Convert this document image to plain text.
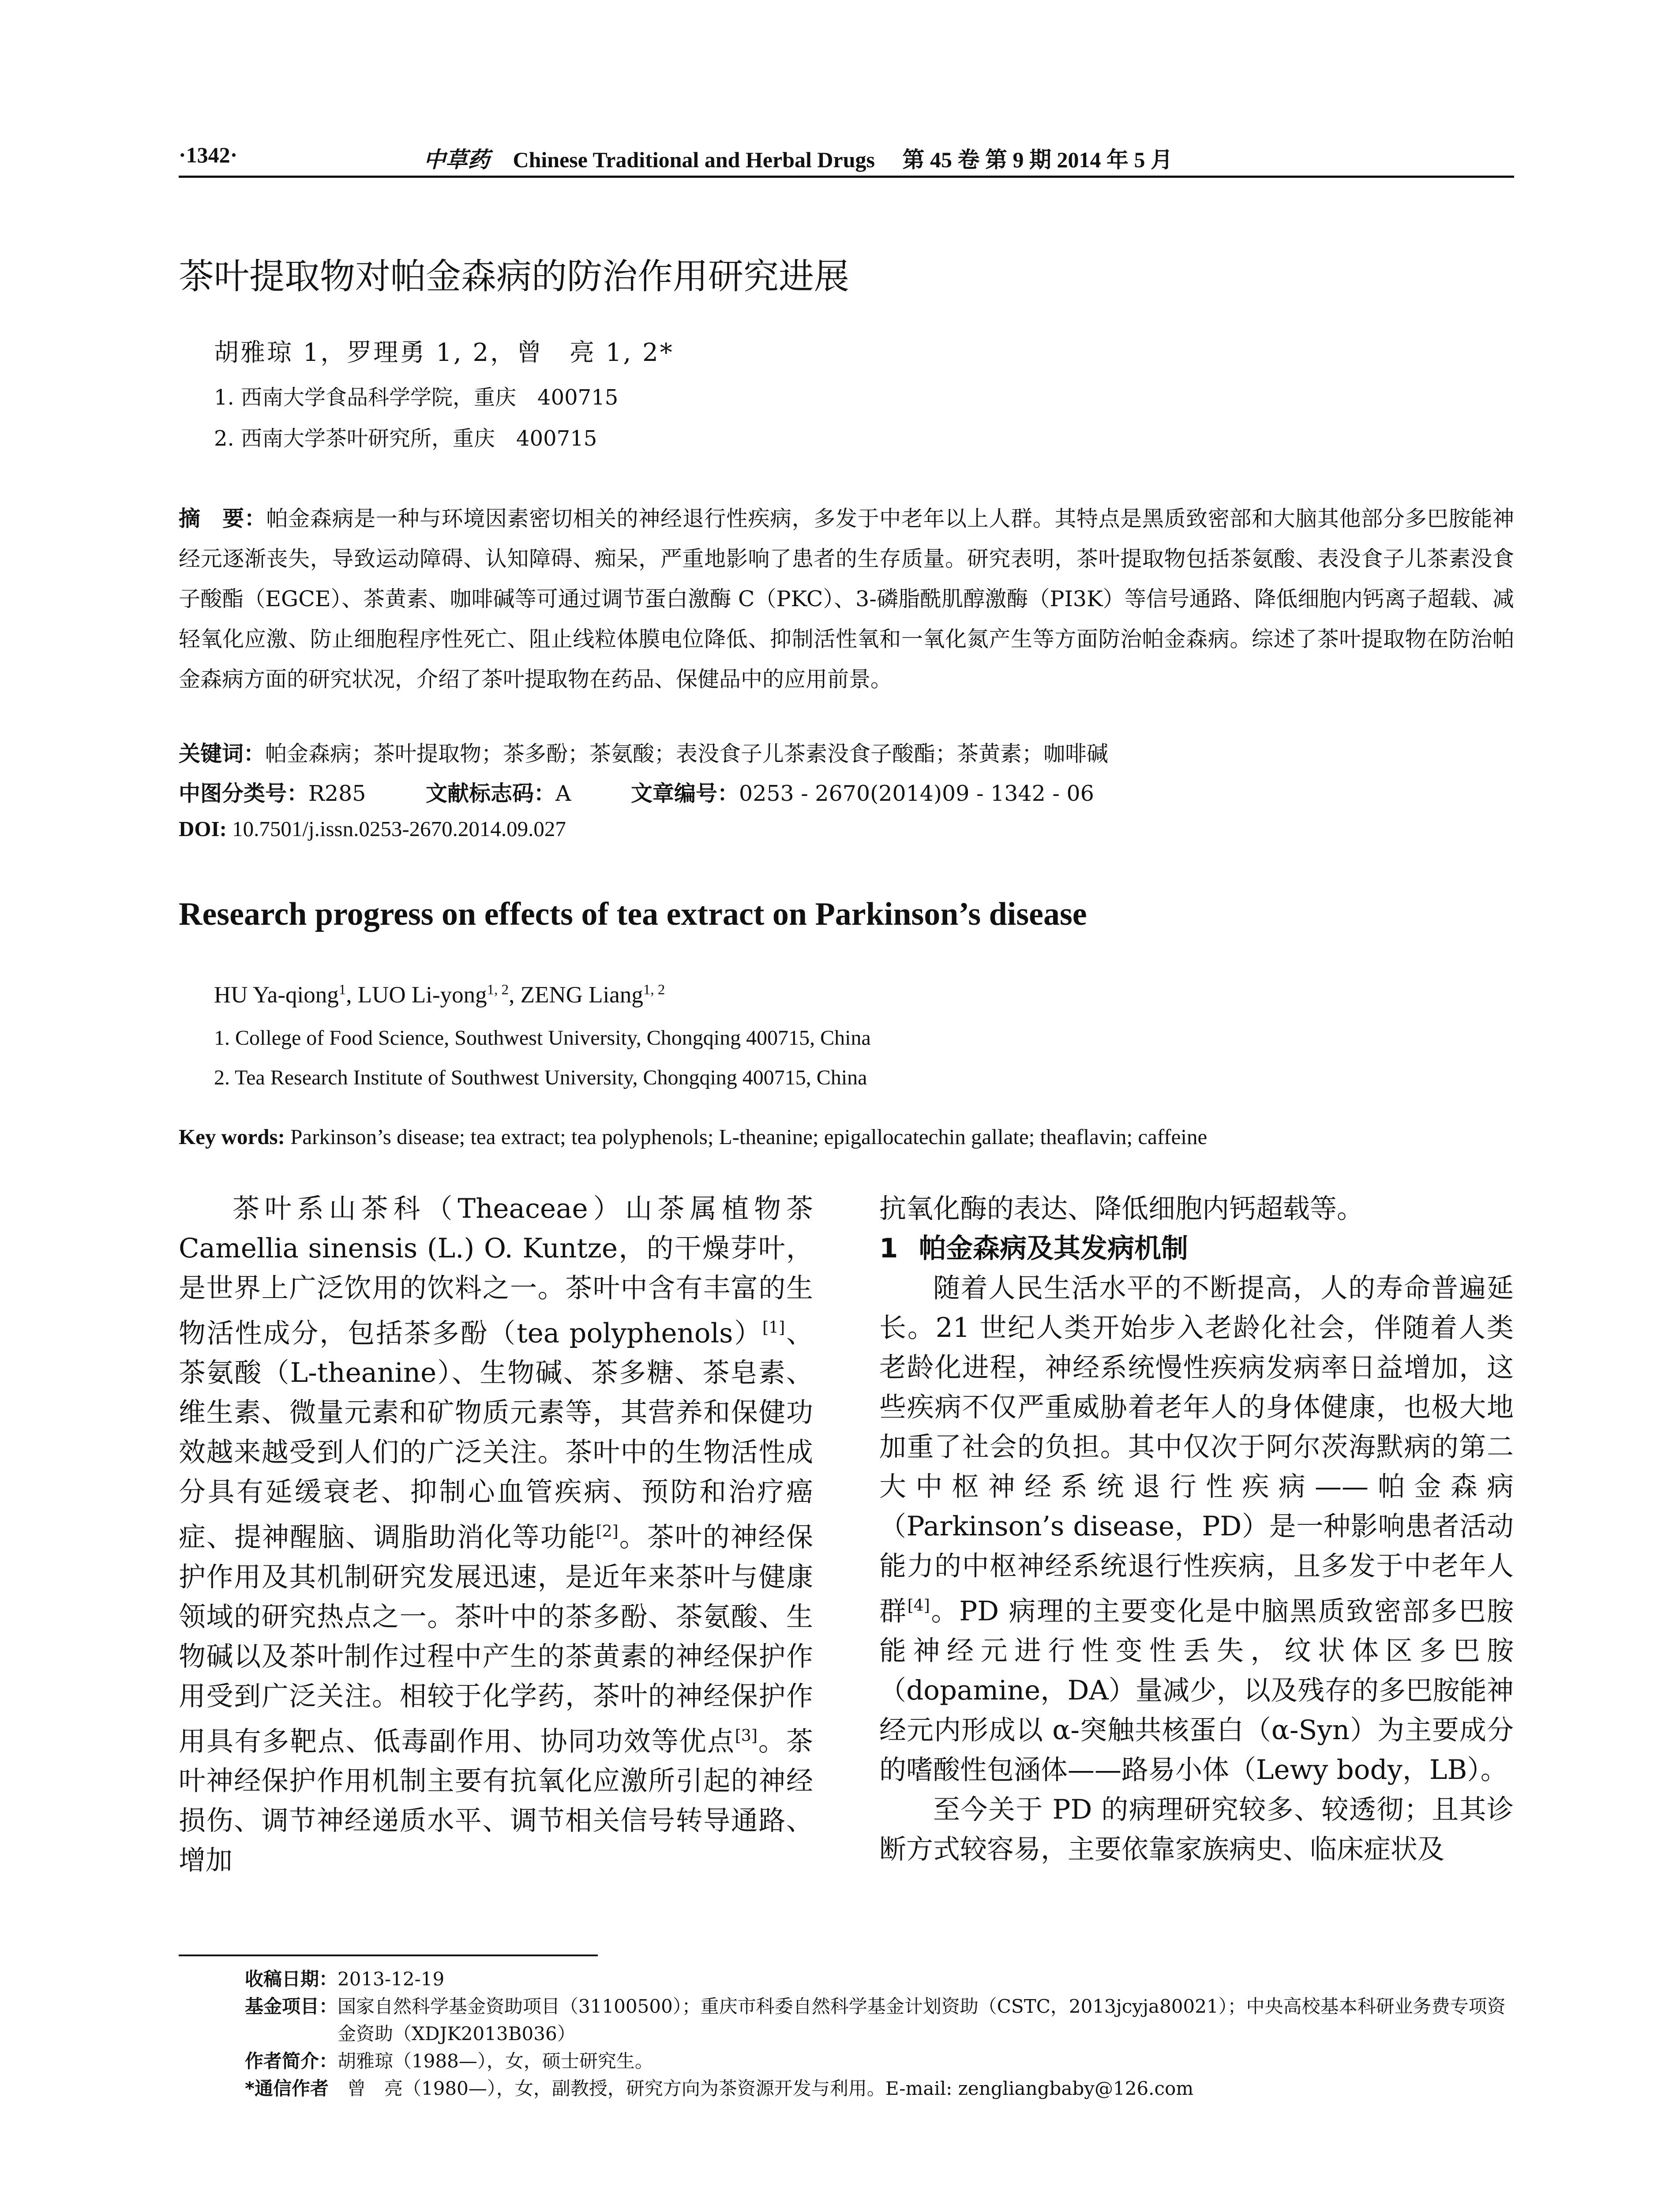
·1342·	中草药 Chinese Traditional and Herbal Drugs 第 45 卷 第 9 期 2014 年 5 月
茶叶提取物对帕金森病的防治作用研究进展
胡雅琼 1，罗理勇 1, 2，曾　亮 1, 2*
1. 西南大学食品科学学院，重庆　400715
2. 西南大学茶叶研究所，重庆　400715
摘　要：帕金森病是一种与环境因素密切相关的神经退行性疾病，多发于中老年以上人群。其特点是黑质致密部和大脑其他部分多巴胺能神经元逐渐丧失，导致运动障碍、认知障碍、痴呆，严重地影响了患者的生存质量。研究表明，茶叶提取物包括茶氨酸、表没食子儿茶素没食子酸酯（EGCE）、茶黄素、咖啡碱等可通过调节蛋白激酶 C（PKC）、3-磷脂酰肌醇激酶（PI3K）等信号通路、降低细胞内钙离子超载、减轻氧化应激、防止细胞程序性死亡、阻止线粒体膜电位降低、抑制活性氧和一氧化氮产生等方面防治帕金森病。综述了茶叶提取物在防治帕金森病方面的研究状况，介绍了茶叶提取物在药品、保健品中的应用前景。
关键词：帕金森病；茶叶提取物；茶多酚；茶氨酸；表没食子儿茶素没食子酸酯；茶黄素；咖啡碱
中图分类号：R285	文献标志码：A	文章编号：0253 - 2670(2014)09 - 1342 - 06
DOI: 10.7501/j.issn.0253-2670.2014.09.027
Research progress on effects of tea extract on Parkinson’s disease
HU Ya-qiong$^1$, LUO Li-yong$^{1, 2}$, ZENG Liang$^{1, 2}$
1. College of Food Science, Southwest University, Chongqing 400715, China
2. Tea Research Institute of Southwest University, Chongqing 400715, China
Key words: Parkinson’s disease; tea extract; tea polyphenols; L-theanine; epigallocatechin gallate; theaflavin; caffeine

茶叶系山茶科（Theaceae）山茶属植物茶 Camellia sinensis (L.) O. Kuntze，的干燥芽叶，是世界上广泛饮用的饮料之一。茶叶中含有丰富的生物活性成分，包括茶多酚（tea polyphenols）[1]、茶氨酸（L-theanine）、生物碱、茶多糖、茶皂素、维生素、微量元素和矿物质元素等，其营养和保健功效越来越受到人们的广泛关注。茶叶中的生物活性成分具有延缓衰老、抑制心血管疾病、预防和治疗癌症、提神醒脑、调脂助消化等功能[2]。茶叶的神经保护作用及其机制研究发展迅速，是近年来茶叶与健康领域的研究热点之一。茶叶中的茶多酚、茶氨酸、生物碱以及茶叶制作过程中产生的茶黄素的神经保护作用受到广泛关注。相较于化学药，茶叶的神经保护作用具有多靶点、低毒副作用、协同功效等优点[3]。茶叶神经保护作用机制主要有抗氧化应激所引起的神经损伤、调节神经递质水平、调节相关信号转导通路、增加

抗氧化酶的表达、降低细胞内钙超载等。

1 帕金森病及其发病机制

随着人民生活水平的不断提高，人的寿命普遍延长。21 世纪人类开始步入老龄化社会，伴随着人类老龄化进程，神经系统慢性疾病发病率日益增加，这些疾病不仅严重威胁着老年人的身体健康，也极大地加重了社会的负担。其中仅次于阿尔茨海默病的第二大中枢神经系统退行性疾病——帕金森病（Parkinson’s disease，PD）是一种影响患者活动能力的中枢神经系统退行性疾病，且多发于中老年人群[4]。PD 病理的主要变化是中脑黑质致密部多巴胺能神经元进行性变性丢失，纹状体区多巴胺（dopamine，DA）量减少，以及残存的多巴胺能神经元内形成以 α-突触共核蛋白（α-Syn）为主要成分的嗜酸性包涵体——路易小体（Lewy body，LB）。

至今关于 PD 的病理研究较多、较透彻；且其诊断方式较容易，主要依靠家族病史、临床症状及

收稿日期： 2013-12-19
基金项目： 国家自然科学基金资助项目（31100500）；重庆市科委自然科学基金计划资助（CSTC，2013jcyja80021）；中央高校基本科研业务费专项资金资助（XDJK2013B036）
作者简介： 胡雅琼（1988—），女，硕士研究生。
*通信作者 　曾　亮（1980—），女，副教授，研究方向为茶资源开发与利用。E-mail: zengliangbaby@126.com
